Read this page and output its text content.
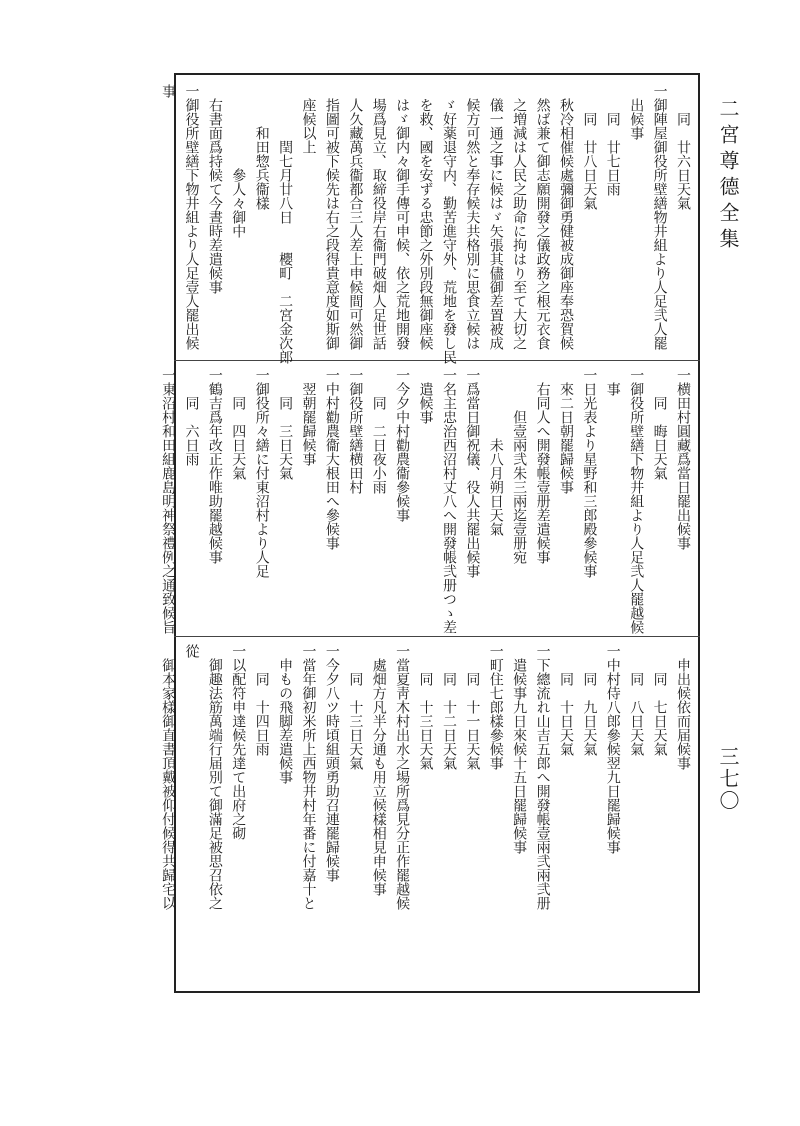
二宮尊德全集
三七〇
同　廿六日天氣
一御陣屋御役所壁繕物井組より人足弐人罷
出候事
同　廿七日雨
同　廿八日天氣
秋冷相催候處彌御勇健被成御座奉恐賀候
然ば兼て御志願開發之儀政務之根元衣食
之増減は人民之助命に拘はり至て大切之
儀一通之事に候はゞ矢張其儘御差置被成
候方可然と奉存候夫共格別に思食立候は
ゞ好薬退守内、勤苦進守外、荒地を發し民
を救、國を安ずる忠節之外別段無御座候
はゞ御内々御手傳可申候、依之荒地開發
場爲見立、取締役岸右衞門破畑人足世話
人久藏萬兵衞都合三人差上申候間可然御
指圖可被下候先は右之段得貴意度如斯御
座候以上
閏七月廿八日　　櫻町　二宮金次郎
和田惣兵衞樣
參人々御中
右書面爲持候て今晝時差遣候事
一御役所壁繕下物井組より人足壹人罷出候
事
一横田村圓藏爲當日罷出候事
同　晦日天氣
一御役所壁繕下物井組より人足弐人罷越候
事
一日光表より星野和三郎殿參候事
來二日朝罷歸候事
右同人へ開發帳壹册差遣候事
但壹兩弐朱三兩迄壹册宛
未八月朔日天氣
一爲當日御祝儀、役人共罷出候事
一名主忠治西沼村丈八へ開發帳弐册つゝ差
遣候事
一今夕中村勸農衞參候事
同　二日夜小雨
一御役所壁繕横田村
一中村勸農衞大根田へ參候事
翌朝罷歸候事
同　三日天氣
一御役所々繕に付東沼村より人足
同　四日天氣
一鶴吉爲年改正作唯助罷越候事
同　六日雨
一東沼村和田組鹿島明神祭禮例之通致候旨
申出候依而届候事
同　七日天氣
同　八日天氣
一中村侍八郎參候翌九日罷歸候事
同　九日天氣
同　十日天氣
一下總流れ山吉五郎へ開發帳壹兩弐兩弐册
遣候事九日來候十五日罷歸候事
一町住七郎樣參候事
同　十一日天氣
同　十二日天氣
同　十三日天氣
一當夏靑木村出水之場所爲見分正作罷越候
處畑方凡半分通も用立候樣相見申候事
同　十三日天氣
一今夕八ツ時頃組頭勇助召連罷歸候事
一當年御初米所上西物井村年番に付嘉十と
申もの飛脚差遣候事
同　十四日雨
一以配符申達候先達て出府之砌
御趣法筋萬端行届別て御滿足被思召依之
從
御本家樣御直書頂戴被仰付候得共歸宅以
